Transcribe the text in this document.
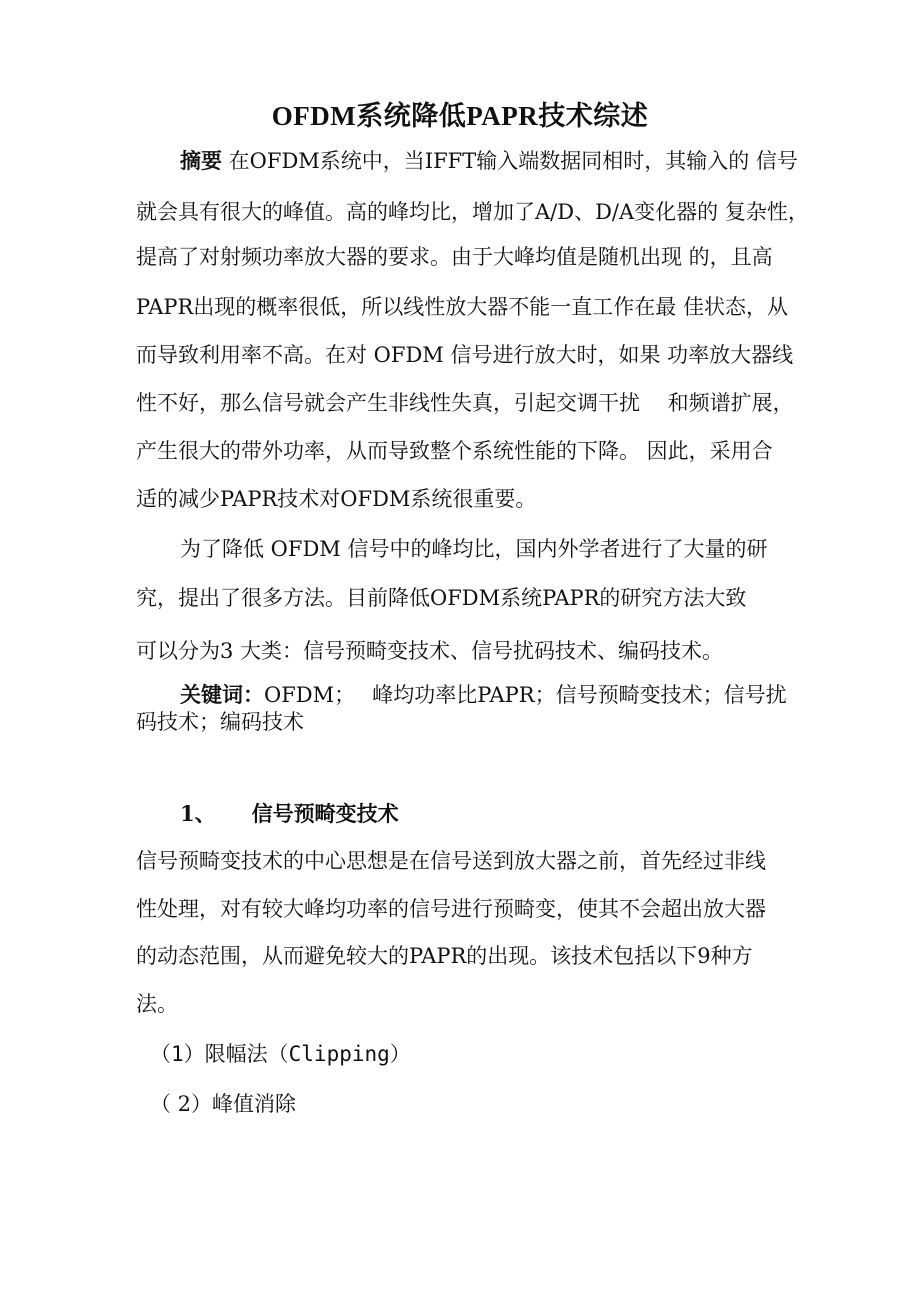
OFDM系统降低PAPR技术综述
摘要 在OFDM系统中，当IFFT输入端数据同相时，其输入的 信号
就会具有很大的峰值。高的峰均比，增加了A/D、D/A变化器的 复杂性，
提高了对射频功率放大器的要求。由于大峰均值是随机出现 的，且高
PAPR出现的概率很低，所以线性放大器不能一直工作在最 佳状态，从
而导致利用率不高。在对 OFDM 信号进行放大时，如果 功率放大器线
性不好，那么信号就会产生非线性失真，引起交调干扰　 和频谱扩展，
产生很大的带外功率，从而导致整个系统性能的下降。 因此，采用合
适的减少PAPR技术对OFDM系统很重要。
为了降低 OFDM 信号中的峰均比，国内外学者进行了大量的研
究，提出了很多方法。目前降低OFDM系统PAPR的研究方法大致
可以分为3 大类：信号预畸变技术、信号扰码技术、编码技术。
关键词：OFDM；　 峰均功率比PAPR；信号预畸变技术；信号扰
码技术；编码技术
1、 信号预畸变技术
信号预畸变技术的中心思想是在信号送到放大器之前，首先经过非线
性处理，对有较大峰均功率的信号进行预畸变，使其不会超出放大器
的动态范围，从而避免较大的PAPR的出现。该技术包括以下9种方
法。
（1）限幅法（Clipping）
（ 2）峰值消除
